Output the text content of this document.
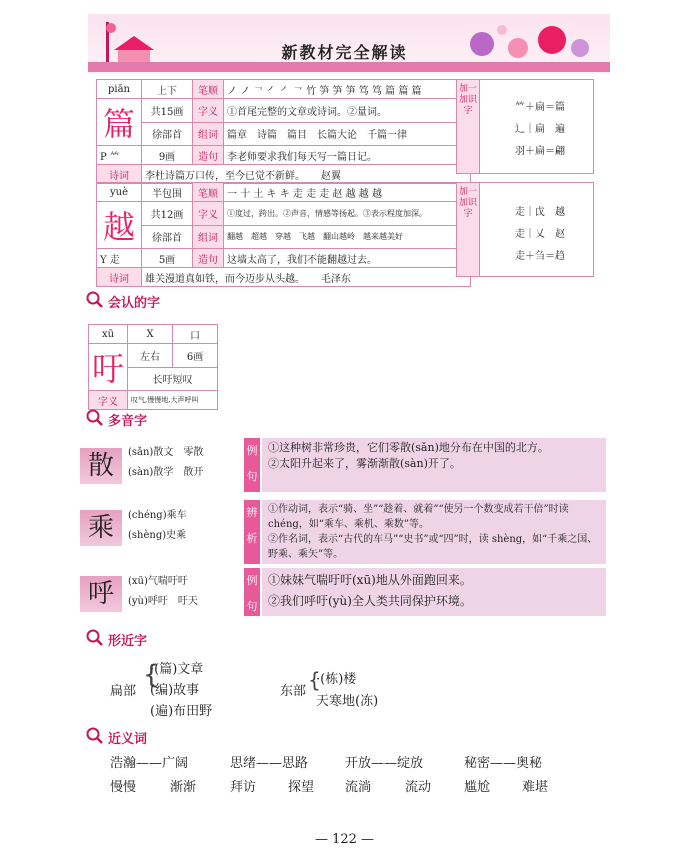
新教材完全解读
piān	上下	笔顺	ノ ノ ㇖ ㇒ ㇒ ㇖ 竹 笋 笋 笋 笃 笃 篇 篇 篇
篇	共15画	字义	①首尾完整的文章或诗词。②量词。
	徐部首	组词	篇章　诗篇　篇目　长篇大论　千篇一律
P ⺮	9画	造句	李老师要求我们每天写一篇日记。
诗词	李杜诗篇万口传，至今已觉不新鲜。 赵翼		
加一加识字	⺮＋扁＝篇
辶｜扁　遍
羽＋扁＝翩
yuè	半包围	笔顺	一 十 土 キ キ 走 走 走 赵 越 越 越
越	共12画	字义	①度过，跨出。②声音，情感等扬起。③表示程度加深。
	徐部首	组词	翻越　超越　穿越　飞越　翻山越岭　越来越美好
Y 走	5画	造句	这墙太高了，我们不能翻越过去。
诗词	雄关漫道真如铁，而今迈步从头越。 毛泽东		
加一加识字	走｜戉　越
走｜乂　赵
走＋刍＝趋
会认的字
xū	X	口
吁	左右	6画
	长吁短叹	
字义	叹气,慢慢地,大声呼叫	
多音字
散	(sǎn)散文　零散
(sàn)散学　散开
例句
①这种树非常珍贵，它们零散(sǎn)地分布在中国的北方。
②太阳升起来了，雾渐渐散(sàn)开了。
乘	(chéng)乘车
(shèng)史乘
辨析
①作动词，表示“骑、坐”“趁着、就着”“使另一个数变成若干倍”时读 chéng，如“乘车、乘机、乘数”等。
②作名词，表示“古代的车马”“史书”或“四”时，读 shèng，如“千乘之国、野乘、乘矢”等。
呼	(xū)气喘吁吁
(yù)呼吁　吁天
例句
①妹妹气喘吁吁(xū)地从外面跑回来。
②我们呼吁(yù)全人类共同保护环境。
形近字
扁部
{
·(篇)文章
(编)故事
(遍)布田野
东部 {
·(栋)楼
天寒地(冻)
近义词
浩瀚——广阔	思绪——思路	开放——绽放	秘密——奥秘
慢慢	渐渐	拜访 探望 流淌	流动	尴尬 难堪
— 122 —
